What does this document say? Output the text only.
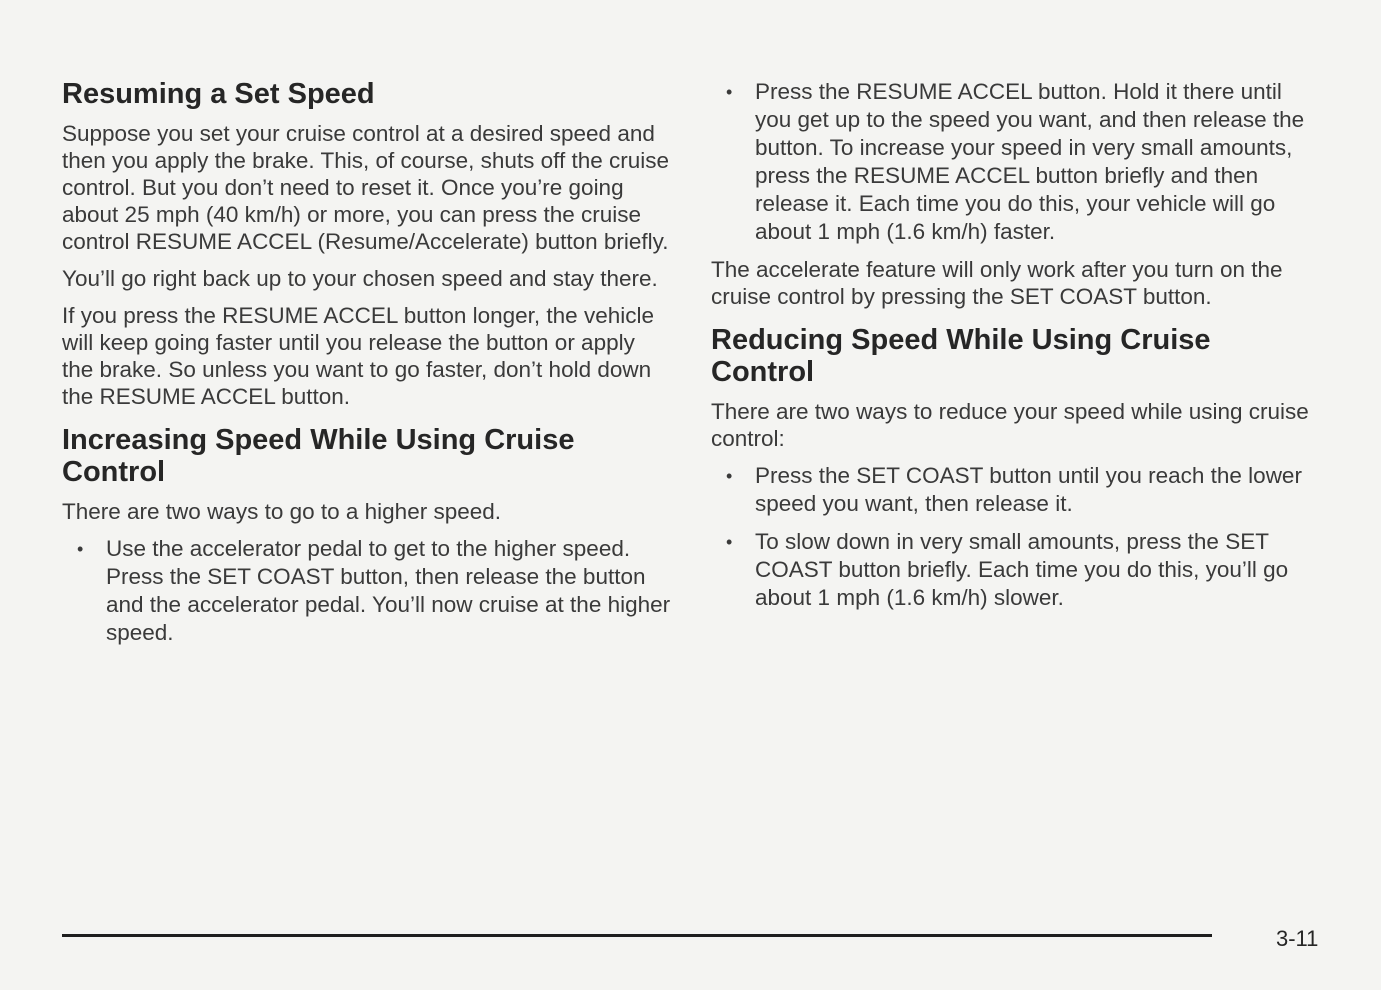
Resuming a Set Speed

Suppose you set your cruise control at a desired speed and then you apply the brake. This, of course, shuts off the cruise control. But you don’t need to reset it. Once you’re going about 25 mph (40 km/h) or more, you can press the cruise control RESUME ACCEL (Resume/Accelerate) button briefly.

You’ll go right back up to your chosen speed and stay there.

If you press the RESUME ACCEL button longer, the vehicle will keep going faster until you release the button or apply the brake. So unless you want to go faster, don’t hold down the RESUME ACCEL button.

Increasing Speed While Using Cruise Control

There are two ways to go to a higher speed.

• Use the accelerator pedal to get to the higher speed. Press the SET COAST button, then release the button and the accelerator pedal. You’ll now cruise at the higher speed.
• Press the RESUME ACCEL button. Hold it there until you get up to the speed you want, and then release the button. To increase your speed in very small amounts, press the RESUME ACCEL button briefly and then release it. Each time you do this, your vehicle will go about 1 mph (1.6 km/h) faster.

The accelerate feature will only work after you turn on the cruise control by pressing the SET COAST button.

Reducing Speed While Using Cruise Control

There are two ways to reduce your speed while using cruise control:

• Press the SET COAST button until you reach the lower speed you want, then release it.
• To slow down in very small amounts, press the SET COAST button briefly. Each time you do this, you’ll go about 1 mph (1.6 km/h) slower.
3-11
